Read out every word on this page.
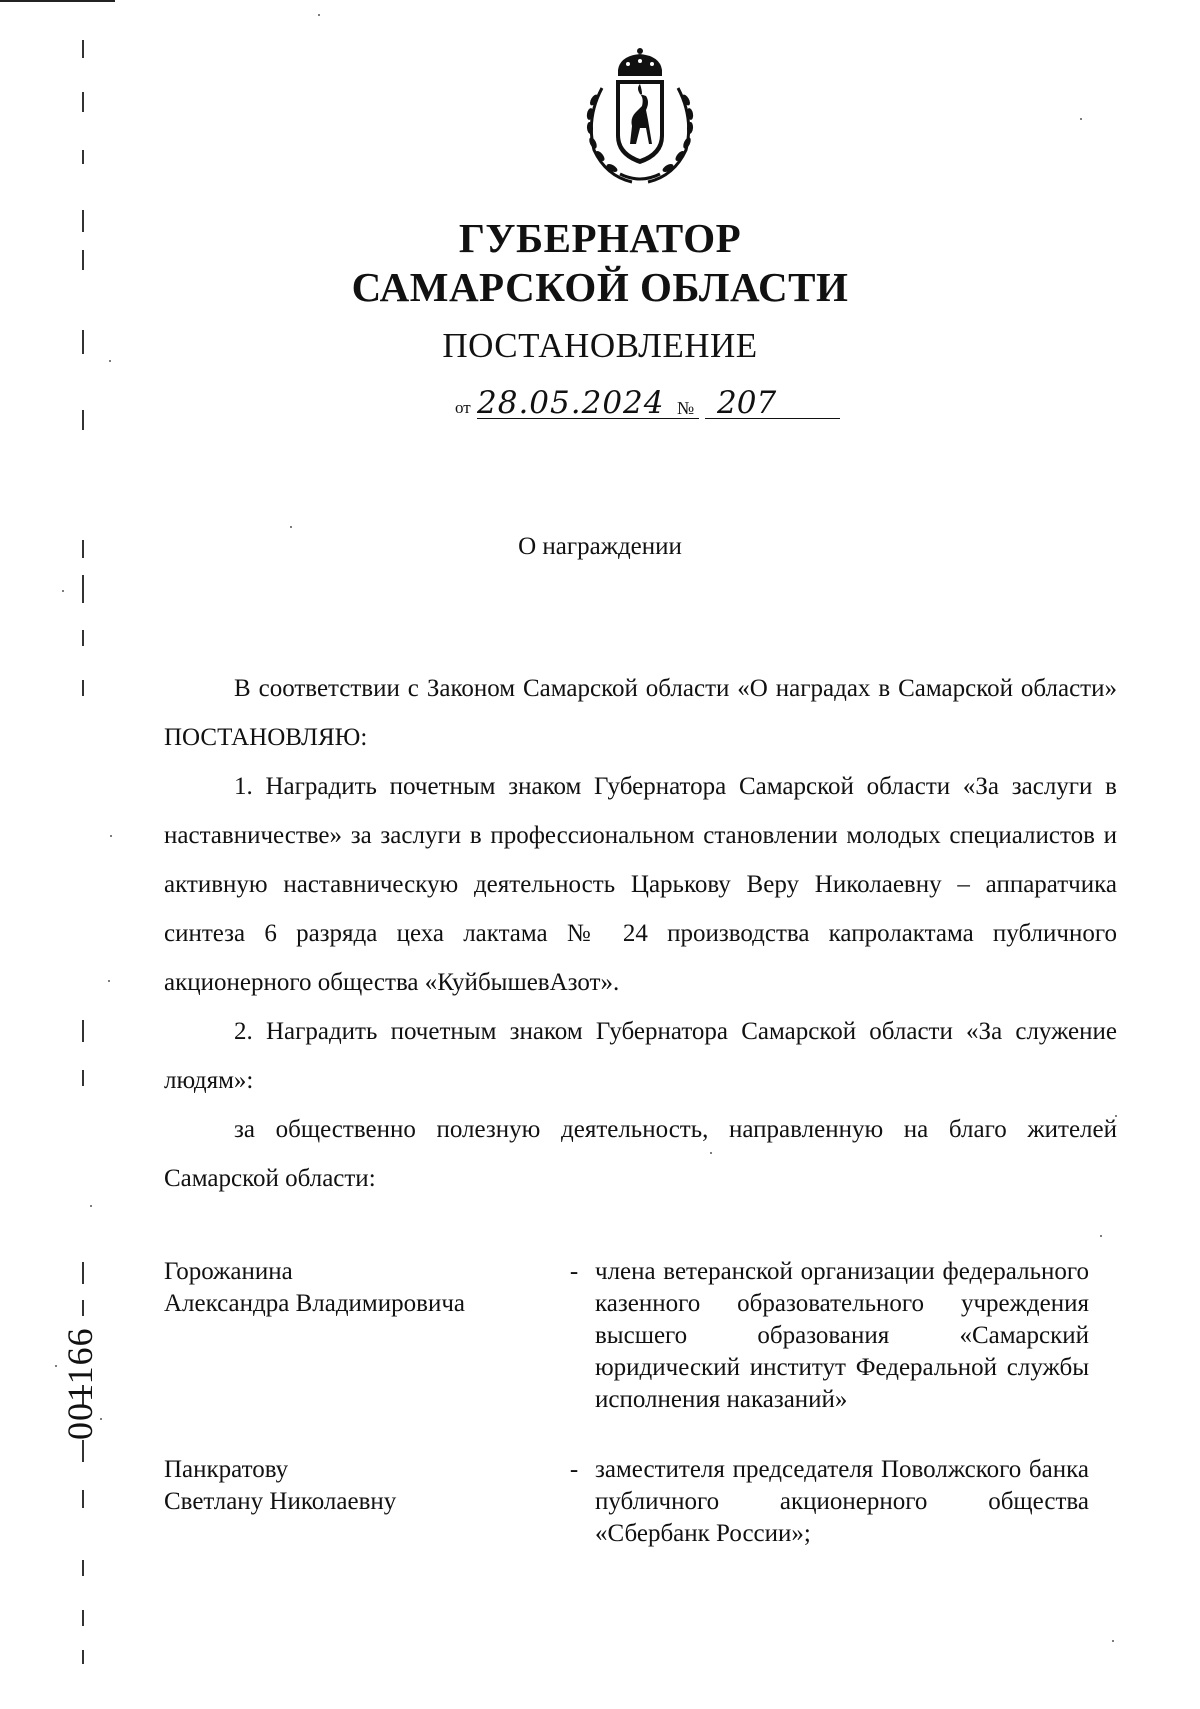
001166
ГУБЕРНАТОР
САМАРСКОЙ ОБЛАСТИ
ПОСТАНОВЛЕНИЕ
от 28.05.2024 № 207
О награждении

В соответствии с Законом Самарской области «О наградах в Самарской области» ПОСТАНОВЛЯЮ:

1. Наградить почетным знаком Губернатора Самарской области «За заслуги в наставничестве» за заслуги в профессиональном становлении молодых специалистов и активную наставническую деятельность Царькову Веру Николаевну – аппаратчика синтеза 6 разряда цеха лактама № 24 производства капролактама публичного акционерного общества «КуйбышевАзот».

2. Наградить почетным знаком Губернатора Самарской области «За служение людям»:

за общественно полезную деятельность, направленную на благо жителей Самарской области:

Горожанина
Александра Владимировича
- члена ветеранской организации федерального казенного образовательного учреждения высшего образования «Самарский юридический институт Федеральной службы исполнения наказаний»
Панкратову
Светлану Николаевну
- заместителя председателя Поволжского банка публичного акционерного общества «Сбербанк России»;
